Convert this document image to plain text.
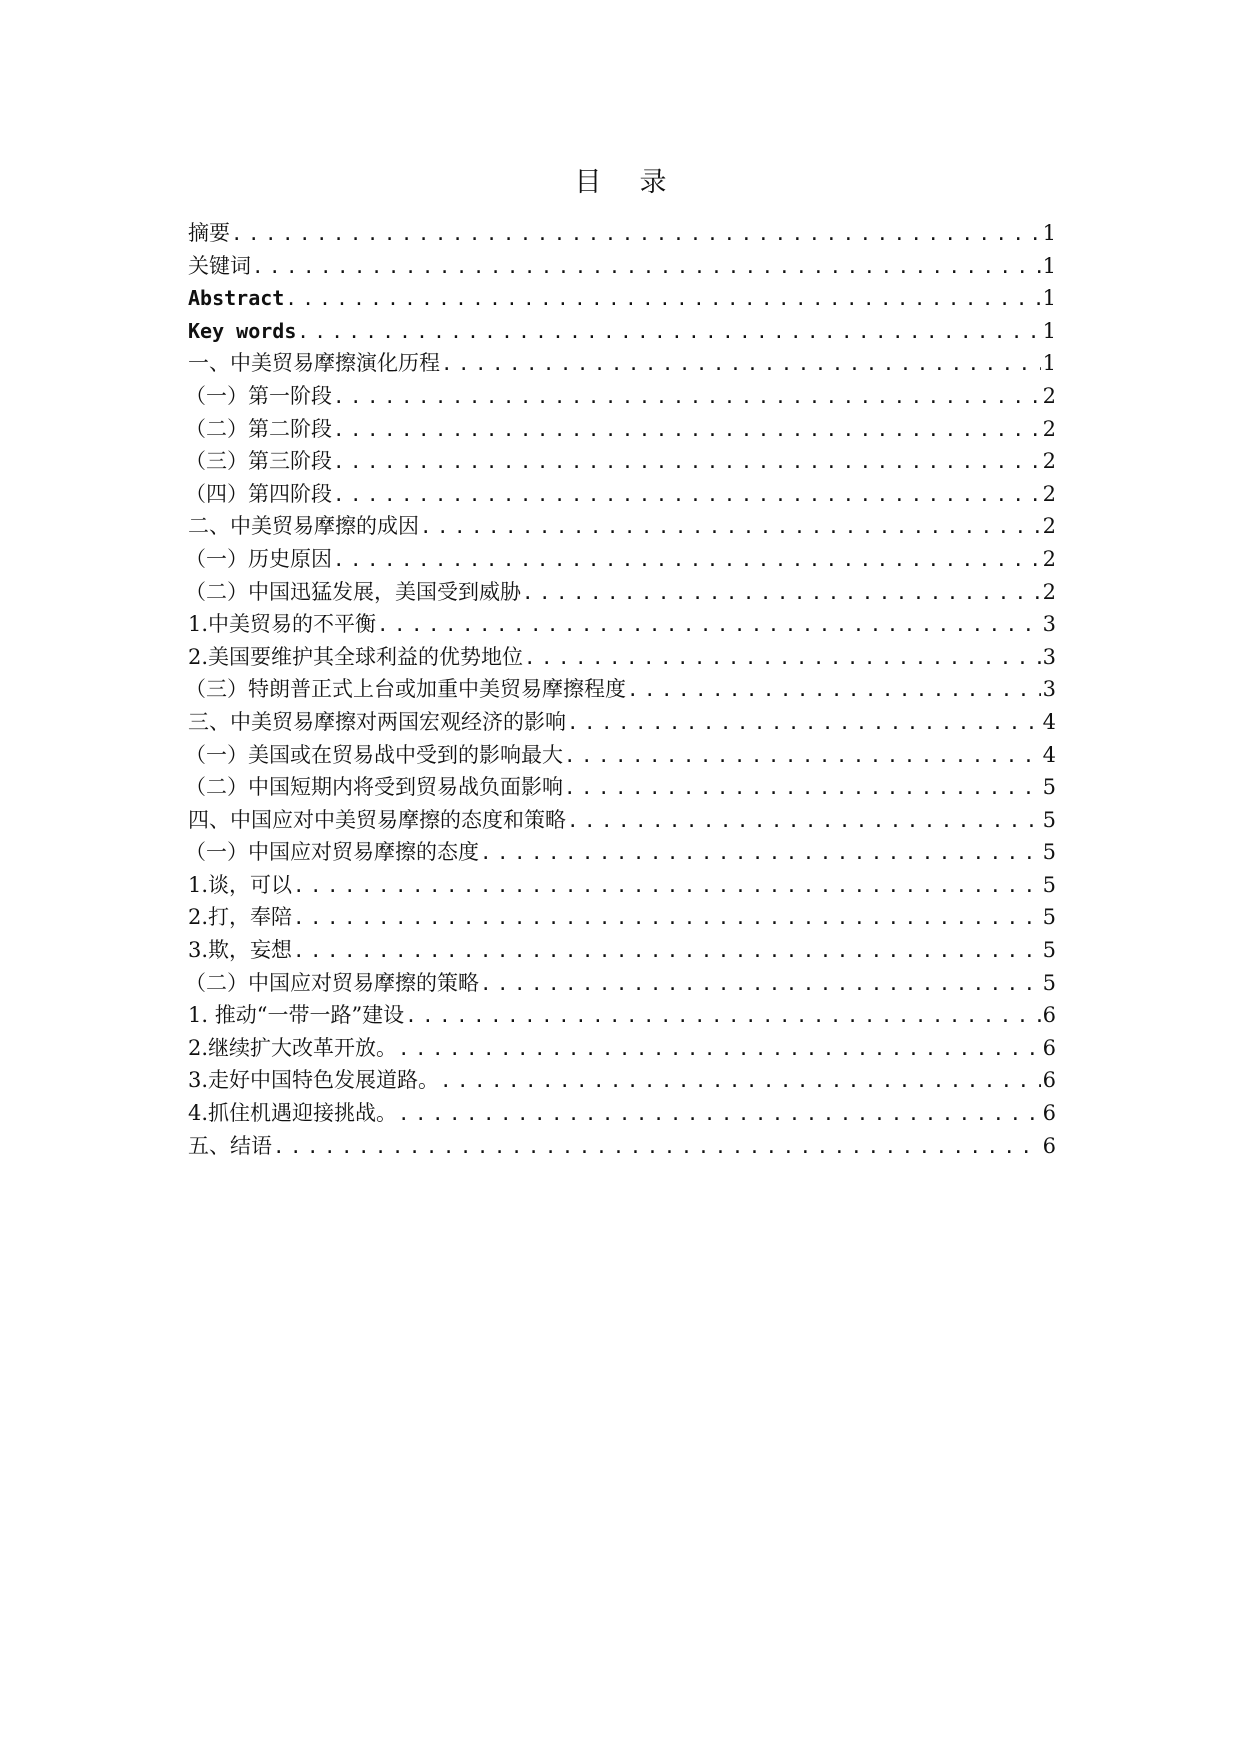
目 录
摘要 .....	1
关键词 .....	1
Abstract .....	1
Key words .....	1
一、中美贸易摩擦演化历程 .....	1
（一）第一阶段 .....	2
（二）第二阶段 .....	2
（三）第三阶段 .....	2
（四）第四阶段 .....	2
二、中美贸易摩擦的成因 .....	2
（一）历史原因 .....	2
（二）中国迅猛发展，美国受到威胁 .....	2
1.中美贸易的不平衡 .....	3
2.美国要维护其全球利益的优势地位 .....	3
（三）特朗普正式上台或加重中美贸易摩擦程度 .....	3
三、中美贸易摩擦对两国宏观经济的影响 .....	4
（一）美国或在贸易战中受到的影响最大 .....	4
（二）中国短期内将受到贸易战负面影响 .....	5
四、中国应对中美贸易摩擦的态度和策略 .....	5
（一）中国应对贸易摩擦的态度 .....	5
1.谈，可以 .....	5
2.打，奉陪 .....	5
3.欺，妄想 .....	5
（二）中国应对贸易摩擦的策略 .....	5
1. 推动“一带一路”建设 .....	6
2.继续扩大改革开放。 .....	6
3.走好中国特色发展道路。 .....	6
4.抓住机遇迎接挑战。 .....	6
五、结语 .....	6
